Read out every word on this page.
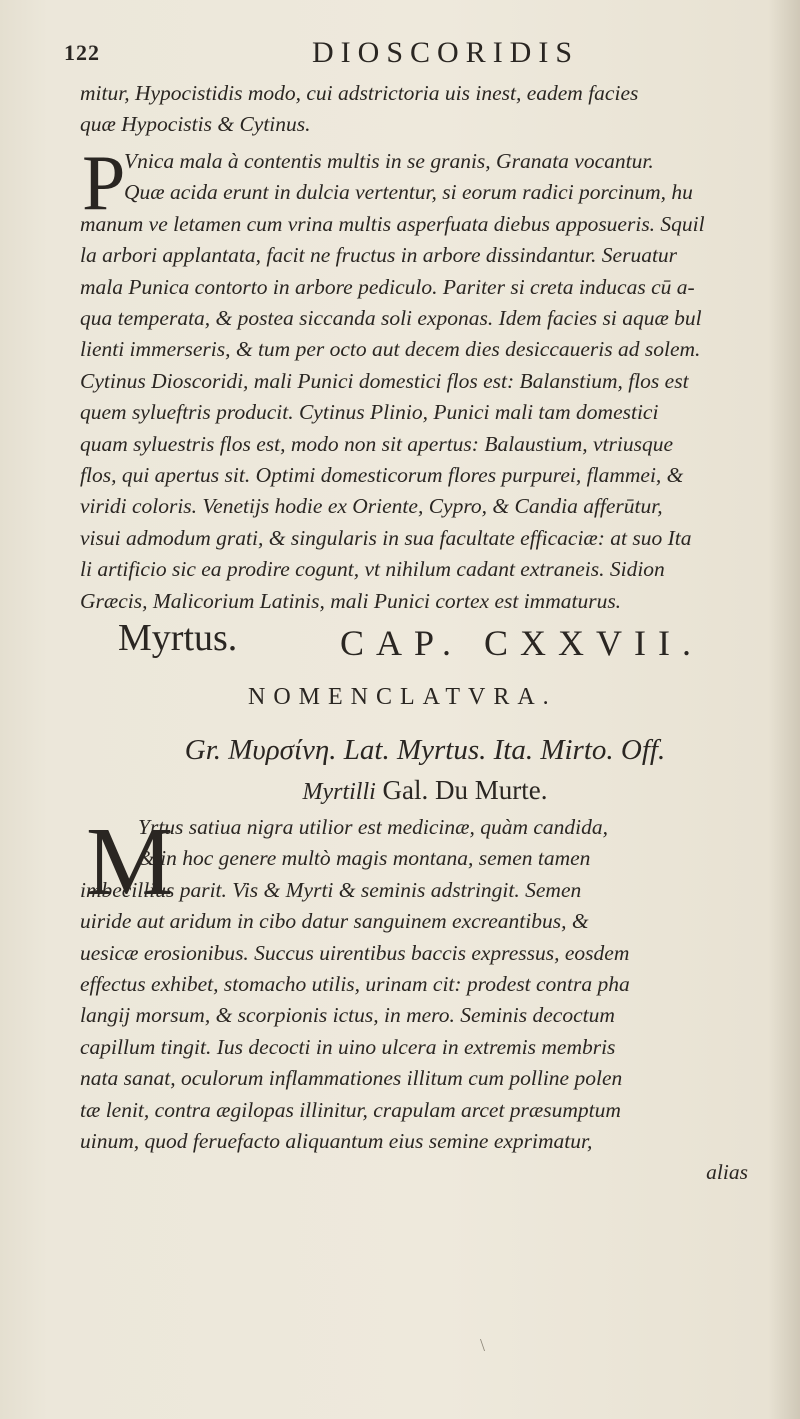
122	DIOSCORIDIS
mitur, Hypocistidis modo, cui adstrictoria uis inest, eadem facies
quæ Hypocistis & Cytinus.
P
Vnica mala à contentis multis in se granis, Granata vocantur.
Quæ acida erunt in dulcia vertentur, si eorum radici porcinum, hu
manum ve letamen cum vrina multis asperfuata diebus apposueris. Squil
la arbori applantata, facit ne fructus in arbore dissindantur. Seruatur
mala Punica contorto in arbore pediculo. Pariter si creta inducas cū a-
qua temperata, & postea siccanda soli exponas. Idem facies si aquæ bul
lienti immerseris, & tum per octo aut decem dies desiccaueris ad solem.
Cytinus Dioscoridi, mali Punici domestici flos est: Balanstium, flos est
quem sylueftris producit. Cytinus Plinio, Punici mali tam domestici
quam syluestris flos est, modo non sit apertus: Balaustium, vtriusque
flos, qui apertus sit. Optimi domesticorum flores purpurei, flammei, &
viridi coloris. Venetijs hodie ex Oriente, Cypro, & Candia afferūtur,
visui admodum grati, & singularis in sua facultate efficaciæ: at suo Ita
li artificio sic ea prodire cogunt, vt nihilum cadant extraneis. Sidion
Græcis, Malicorium Latinis, mali Punici cortex est immaturus.
Myrtus.	CAP. CXXVII.
NOMENCLATVRA.
Gr. Μυρσίνη. Lat. Myrtus. Ita. Mirto. Off.
Myrtilli Gal. Du Murte.
M
Yrtus satiua nigra utilior est medicinæ, quàm candida,
& in hoc genere multò magis montana, semen tamen
imbecillius parit. Vis & Myrti & seminis adstringit. Semen
uiride aut aridum in cibo datur sanguinem excreantibus, &
uesicæ erosionibus. Succus uirentibus baccis expressus, eosdem
effectus exhibet, stomacho utilis, urinam cit: prodest contra pha
langij morsum, & scorpionis ictus, in mero. Seminis decoctum
capillum tingit. Ius decocti in uino ulcera in extremis membris
nata sanat, oculorum inflammationes illitum cum polline polen
tæ lenit, contra ægilopas illinitur, crapulam arcet præsumptum
uinum, quod feruefacto aliquantum eius semine exprimatur,
alias
\
